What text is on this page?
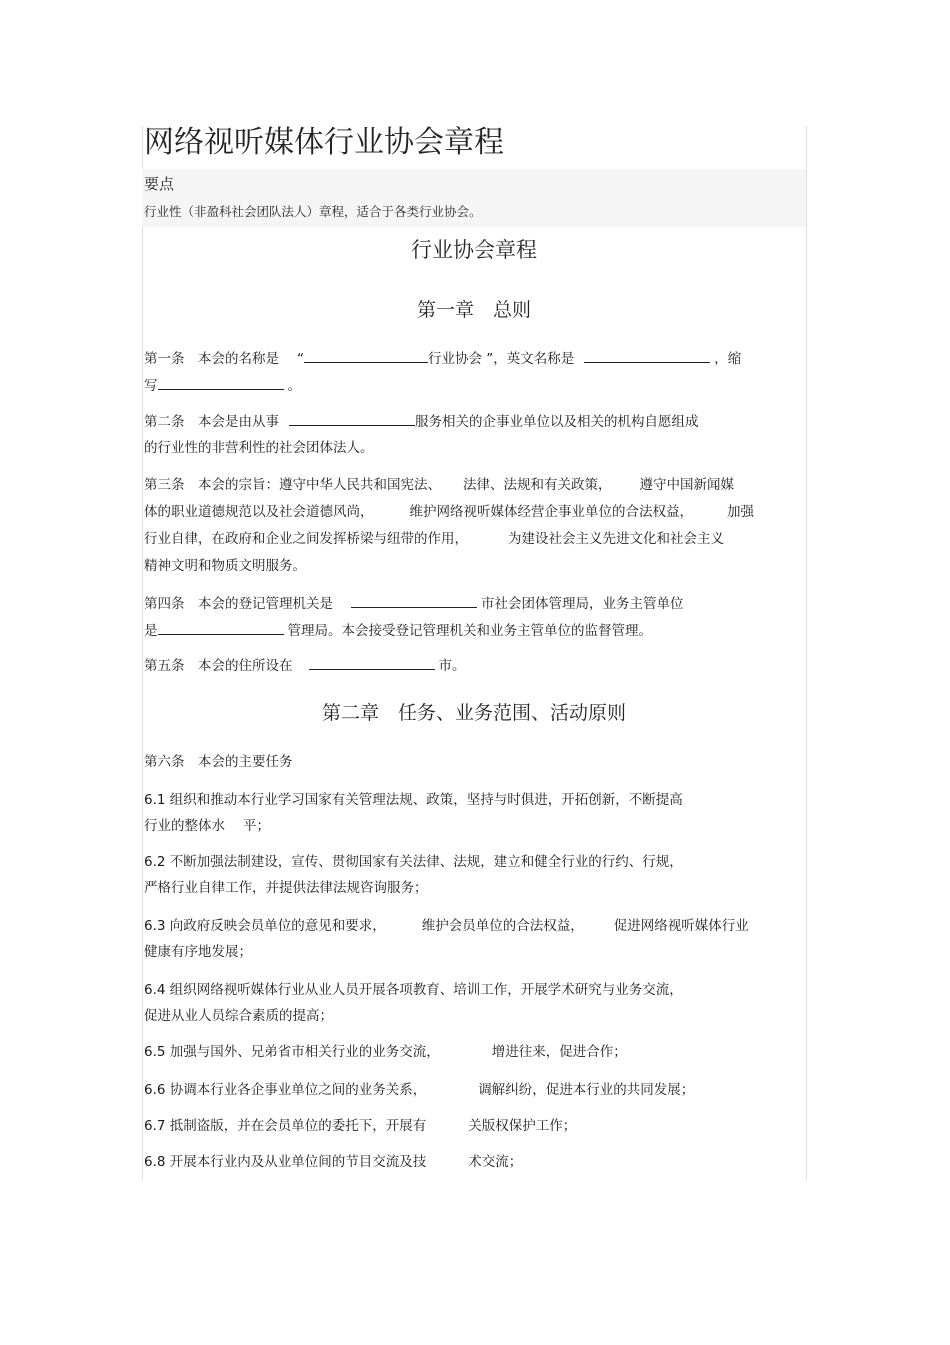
网络视听媒体行业协会章程
要点
行业性（非盈科社会团队法人）章程，适合于各类行业协会。
行业协会章程
第一章　总则
第一条　本会的名称是 “	行业协会 ”，英文名称是	，缩
写	。
第二条　本会是由从事	服务相关的企事业单位以及相关的机构自愿组成
的行业性的非营利性的社会团体法人。
第三条　本会的宗旨：遵守中华人民共和国宪法、 法律、法规和有关政策， 遵守中国新闻媒
体的职业道德规范以及社会道德风尚，	维护网络视听媒体经营企事业单位的合法权益，	加强
行业自律，在政府和企业之间发挥桥梁与纽带的作用，	为建设社会主义先进文化和社会主义
精神文明和物质文明服务。
第四条　本会的登记管理机关是	市社会团体管理局，业务主管单位
是	管理局。本会接受登记管理机关和业务主管单位的监督管理。
第五条　本会的住所设在	市。
第二章　任务、业务范围、活动原则
第六条　本会的主要任务
6.1 组织和推动本行业学习国家有关管理法规、政策，坚持与时俱进，开拓创新，不断提高
行业的整体水 平；
6.2 不断加强法制建设，宣传、贯彻国家有关法律、法规，建立和健全行业的行约、行规，
严格行业自律工作，并提供法律法规咨询服务；
6.3 向政府反映会员单位的意见和要求，	维护会员单位的合法权益， 促进网络视听媒体行业
健康有序地发展；
6.4 组织网络视听媒体行业从业人员开展各项教育、培训工作，开展学术研究与业务交流，
促进从业人员综合素质的提高；
6.5 加强与国外、兄弟省市相关行业的业务交流，	增进往来，促进合作；
6.6 协调本行业各企事业单位之间的业务关系，	调解纠纷，促进本行业的共同发展；
6.7 抵制盗版，并在会员单位的委托下，开展有	关版权保护工作；
6.8 开展本行业内及从业单位间的节目交流及技	术交流；
